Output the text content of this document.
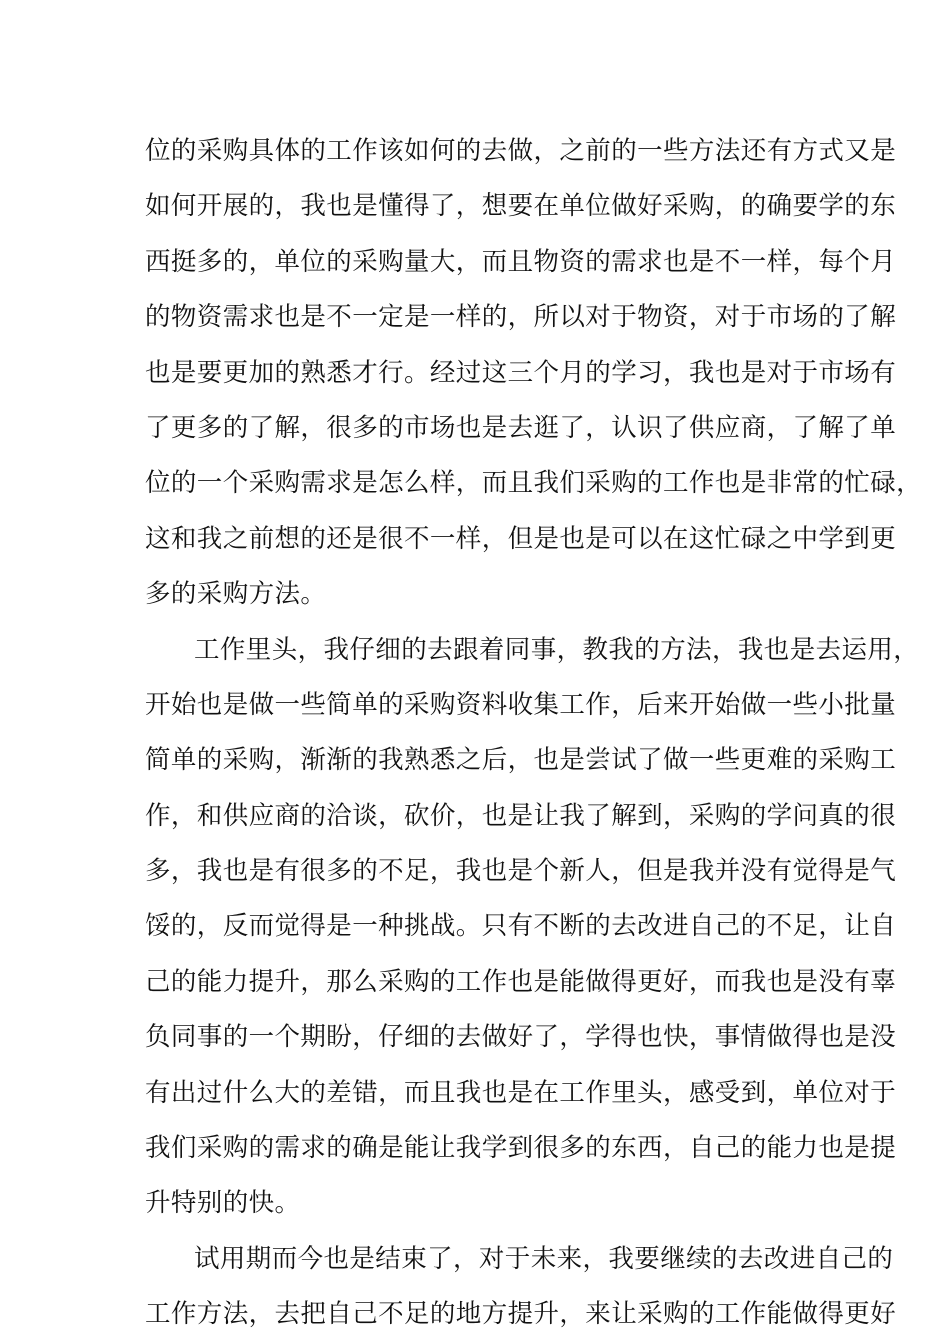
位的采购具体的工作该如何的去做，之前的一些方法还有方式又是
如何开展的，我也是懂得了，想要在单位做好采购，的确要学的东
西挺多的，单位的采购量大，而且物资的需求也是不一样，每个月
的物资需求也是不一定是一样的，所以对于物资，对于市场的了解
也是要更加的熟悉才行。经过这三个月的学习，我也是对于市场有
了更多的了解，很多的市场也是去逛了，认识了供应商，了解了单
位的一个采购需求是怎么样，而且我们采购的工作也是非常的忙碌，
这和我之前想的还是很不一样，但是也是可以在这忙碌之中学到更
多的采购方法。
工作里头，我仔细的去跟着同事，教我的方法，我也是去运用，
开始也是做一些简单的采购资料收集工作，后来开始做一些小批量
简单的采购，渐渐的我熟悉之后，也是尝试了做一些更难的采购工
作，和供应商的洽谈，砍价，也是让我了解到，采购的学问真的很
多，我也是有很多的不足，我也是个新人，但是我并没有觉得是气
馁的，反而觉得是一种挑战。只有不断的去改进自己的不足，让自
己的能力提升，那么采购的工作也是能做得更好，而我也是没有辜
负同事的一个期盼，仔细的去做好了，学得也快，事情做得也是没
有出过什么大的差错，而且我也是在工作里头，感受到，单位对于
我们采购的需求的确是能让我学到很多的东西，自己的能力也是提
升特别的快。
试用期而今也是结束了，对于未来，我要继续的去改进自己的
工作方法，去把自己不足的地方提升，来让采购的工作能做得更好
